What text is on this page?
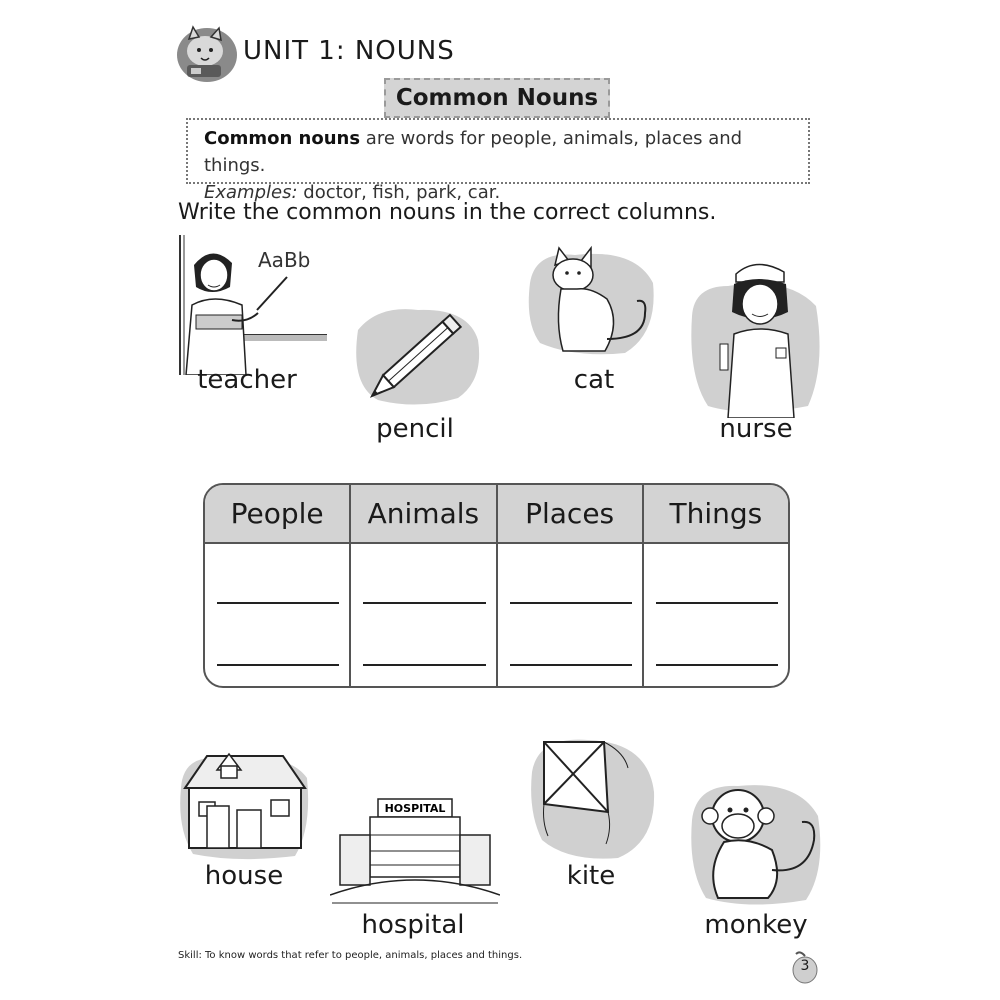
UNIT 1: NOUNS
Common Nouns
Common nouns are words for people, animals, places and things.
Examples: doctor, fish, park, car.
Write the common nouns in the correct columns.
AaBb
teacher
pencil
cat
nurse
People	Animals	Places	Things
house
HOSPITAL
hospital
kite
monkey
Skill: To know words that refer to people, animals, places and things.
3
